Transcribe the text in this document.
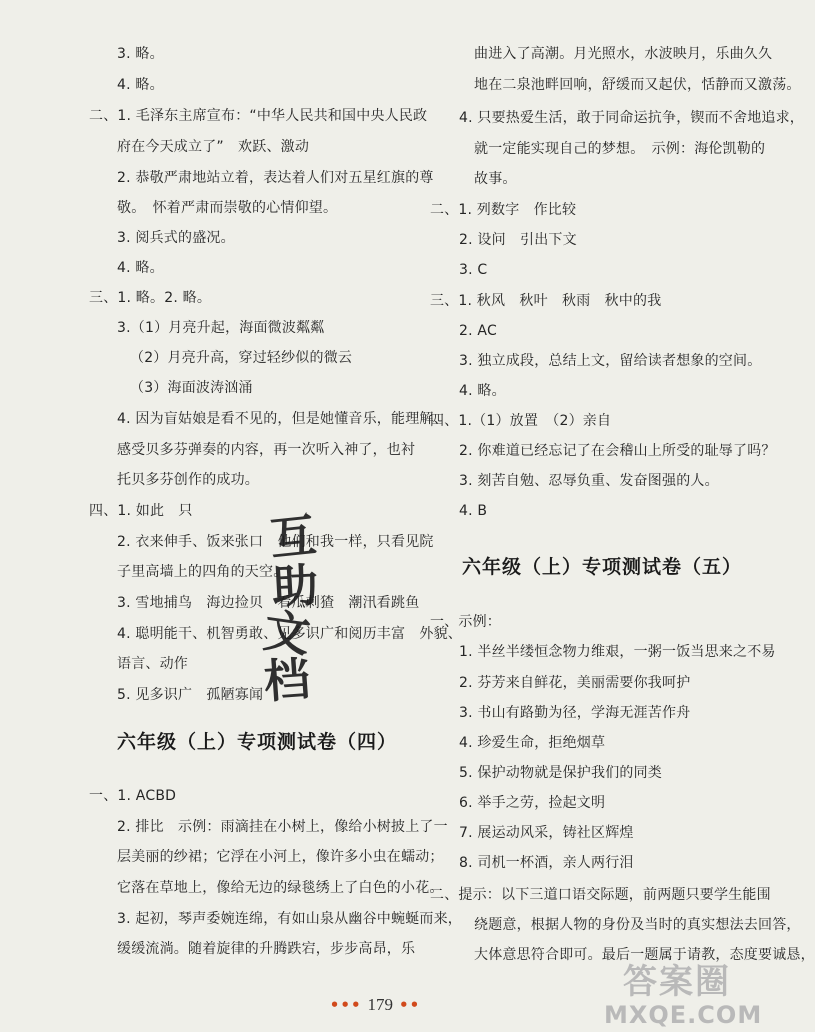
3. 略。
4. 略。
二、1. 毛泽东主席宣布：“中华人民共和国中央人民政
府在今天成立了”　欢跃、激动
2. 恭敬严肃地站立着，表达着人们对五星红旗的尊
敬。　怀着严肃而崇敬的心情仰望。
3. 阅兵式的盛况。
4. 略。
三、1. 略。2. 略。
3.（1）月亮升起，海面微波粼粼
（2）月亮升高，穿过轻纱似的微云
（3）海面波涛汹涌
4. 因为盲姑娘是看不见的，但是她懂音乐，能理解、
感受贝多芬弹奏的内容，再一次听入神了，也衬
托贝多芬创作的成功。
四、1. 如此　只
2. 衣来伸手、饭来张口　他们和我一样，只看见院
子里高墙上的四角的天空。
3. 雪地捕鸟　海边捡贝　看瓜刺猹　潮汛看跳鱼
4. 聪明能干、机智勇敢、见多识广和阅历丰富　外貌、
语言、动作
5. 见多识广　孤陋寡闻
六年级（上）专项测试卷（四）
一、1. ACBD
2. 排比　示例：雨滴挂在小树上，像给小树披上了一
层美丽的纱裙；它浮在小河上，像许多小虫在蠕动；
它落在草地上，像给无边的绿毯绣上了白色的小花。
3. 起初，琴声委婉连绵，有如山泉从幽谷中蜿蜒而来，
缓缓流淌。随着旋律的升腾跌宕，步步高昂，乐
互
助
文
档
曲进入了高潮。月光照水，水波映月，乐曲久久
地在二泉池畔回响，舒缓而又起伏，恬静而又激荡。
4. 只要热爱生活，敢于同命运抗争，锲而不舍地追求，
就一定能实现自己的梦想。　示例：海伦凯勒的
故事。
二、1. 列数字　作比较
2. 设问　引出下文
3. C
三、1. 秋风　秋叶　秋雨　秋中的我
2. AC
3. 独立成段，总结上文，留给读者想象的空间。
4. 略。
四、1.（1）放置　（2）亲自
2. 你难道已经忘记了在会稽山上所受的耻辱了吗？
3. 刻苦自勉、忍辱负重、发奋图强的人。
4. B
六年级（上）专项测试卷（五）
一、示例：
1. 半丝半缕恒念物力维艰，一粥一饭当思来之不易
2. 芬芳来自鲜花，美丽需要你我呵护
3. 书山有路勤为径，学海无涯苦作舟
4. 珍爱生命，拒绝烟草
5. 保护动物就是保护我们的同类
6. 举手之劳，捡起文明
7. 展运动风采，铸社区辉煌
8. 司机一杯酒，亲人两行泪
二、提示：以下三道口语交际题，前两题只要学生能围
绕题意，根据人物的身份及当时的真实想法去回答，
大体意思符合即可。最后一题属于请教，态度要诚恳，
••• 179 ••
答案圈
MXQE.COM
